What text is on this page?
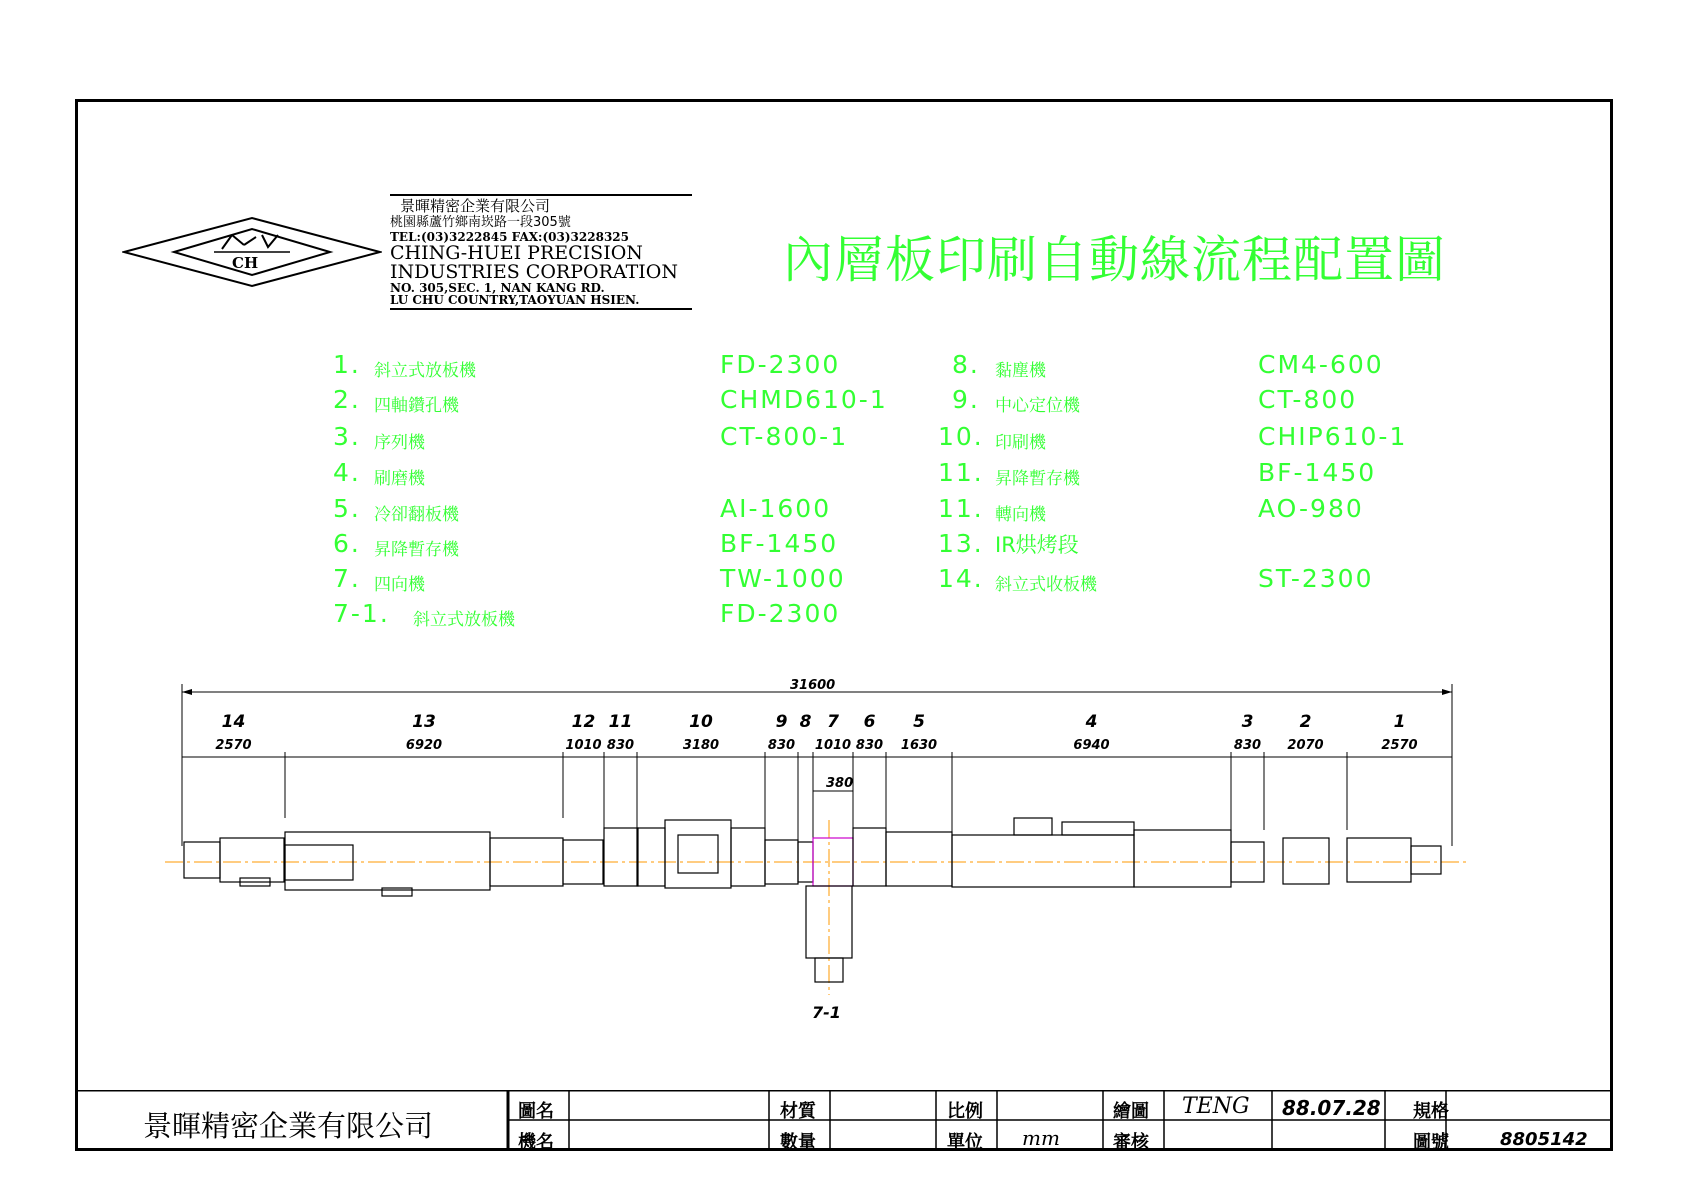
CH
景暉精密企業有限公司
桃園縣蘆竹鄉南崁路一段305號
TEL:(03)3222845 FAX:(03)3228325
CHING-HUEI PRECISION
INDUSTRIES CORPORATION
NO. 305,SEC. 1, NAN KANG RD.
LU CHU COUNTRY,TAOYUAN HSIEN.
內層板印刷自動線流程配置圖
1. 斜立式放板機	FD-2300
2. 四軸鑽孔機	CHMD610-1
3. 序列機	CT-800-1
4. 刷磨機
5. 冷卻翻板機	AI-1600
6. 昇降暫存機	BF-1450
7. 四向機	TW-1000
7-1. 斜立式放板機	FD-2300
8. 黏塵機	CM4-600
9. 中心定位機	CT-800
10. 印刷機	CHIP610-1
11. 昇降暫存機	BF-1450
11. 轉向機	AO-980
13. IR烘烤段
14. 斜立式收板機	ST-2300
31600
14
2570
13
6920
12
1010
11
830
10
3180
9
830
8 7
1010
6
830
5
1630
4
6940
3
830
2
2070
1
2570
380
7-1
景暉精密企業有限公司	圖名
機名
材質
數量
比例
單位 mm
繪圖 TENG 88.07.28
審核
規格
圖號	8805142
